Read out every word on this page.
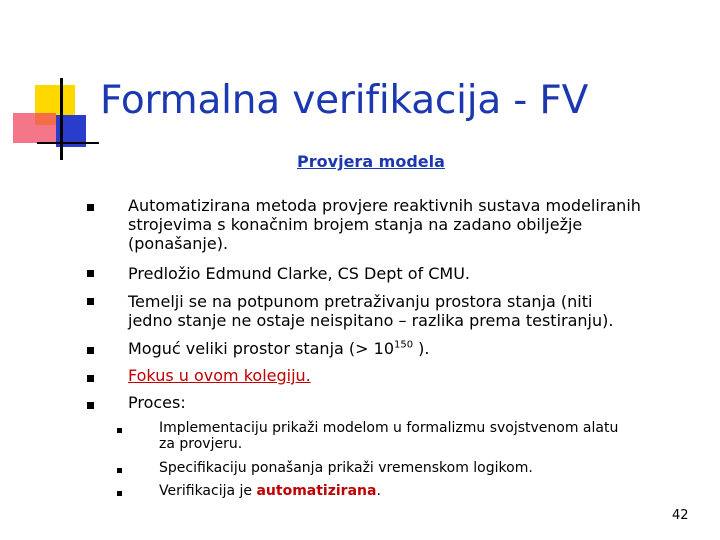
Formalna verifikacija - FV
Provjera modela
Automatizirana metoda provjere reaktivnih sustava modeliranih
strojevima s konačnim brojem stanja na zadano obilježje
(ponašanje).
Predložio Edmund Clarke, CS Dept of CMU.
Temelji se na potpunom pretraživanju prostora stanja (niti
jedno stanje ne ostaje neispitano – razlika prema testiranju).
Moguć veliki prostor stanja (> $10^{150}$ ).
Fokus u ovom kolegiju.
Proces:
Implementaciju prikaži modelom u formalizmu svojstvenom alatu
za provjeru.
Specifikaciju ponašanja prikaži vremenskom logikom.
Verifikacija je automatizirana.
42
